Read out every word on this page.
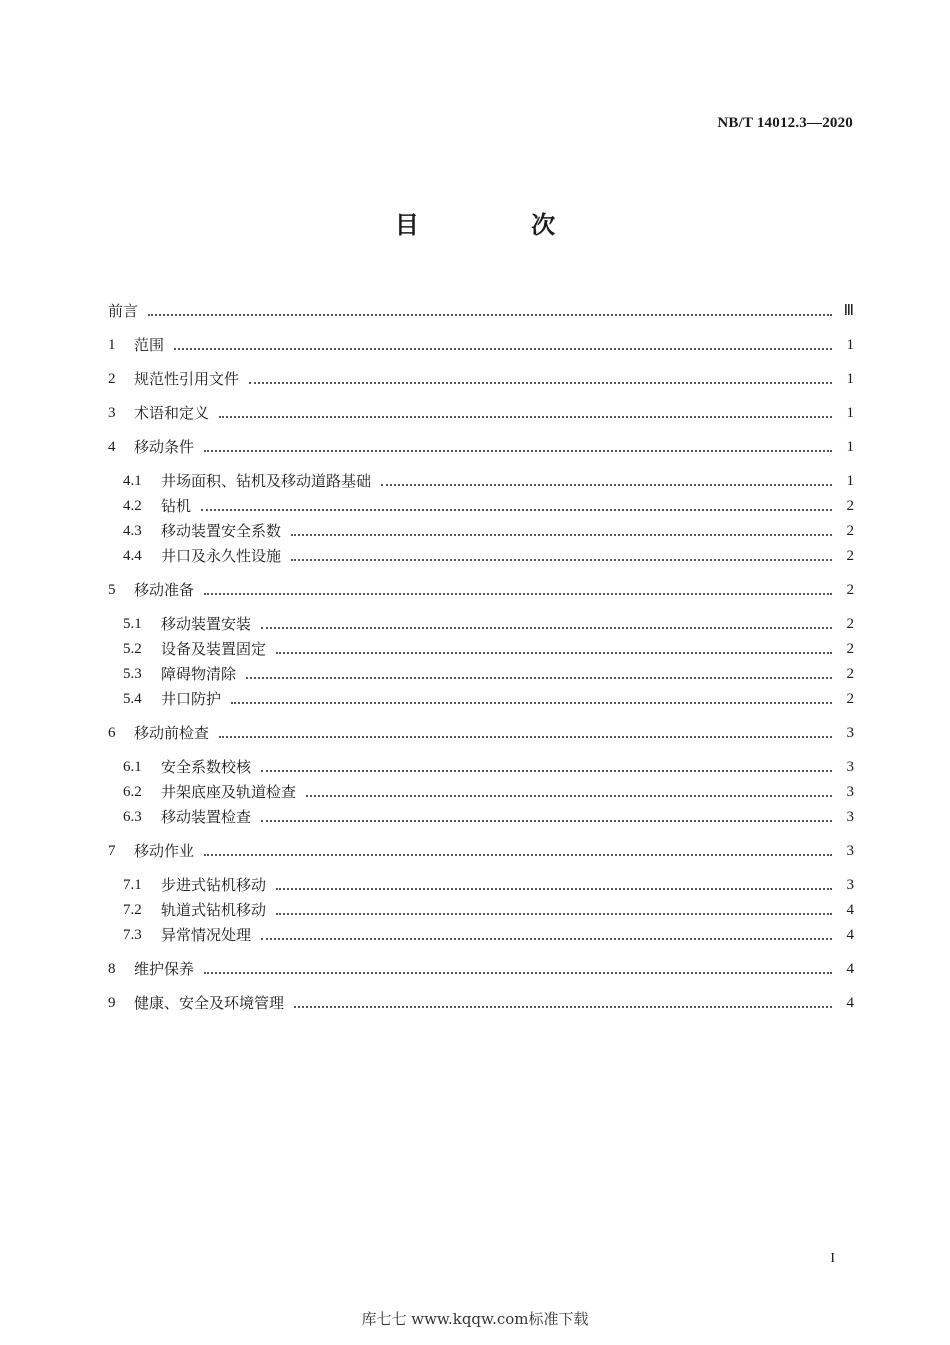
NB/T 14012.3—2020
目 次
前言	Ⅲ
1	范围	1
2	规范性引用文件	1
3	术语和定义	1
4	移动条件	1
4.1	井场面积、钻机及移动道路基础	1
4.2	钻机	2
4.3	移动装置安全系数	2
4.4	井口及永久性设施	2
5	移动准备	2
5.1	移动装置安装	2
5.2	设备及装置固定	2
5.3	障碍物清除	2
5.4	井口防护	2
6	移动前检查	3
6.1	安全系数校核	3
6.2	井架底座及轨道检查	3
6.3	移动装置检查	3
7	移动作业	3
7.1	步进式钻机移动	3
7.2	轨道式钻机移动	4
7.3	异常情况处理	4
8	维护保养	4
9	健康、安全及环境管理	4
I
库七七 www.kqqw.com标准下载
